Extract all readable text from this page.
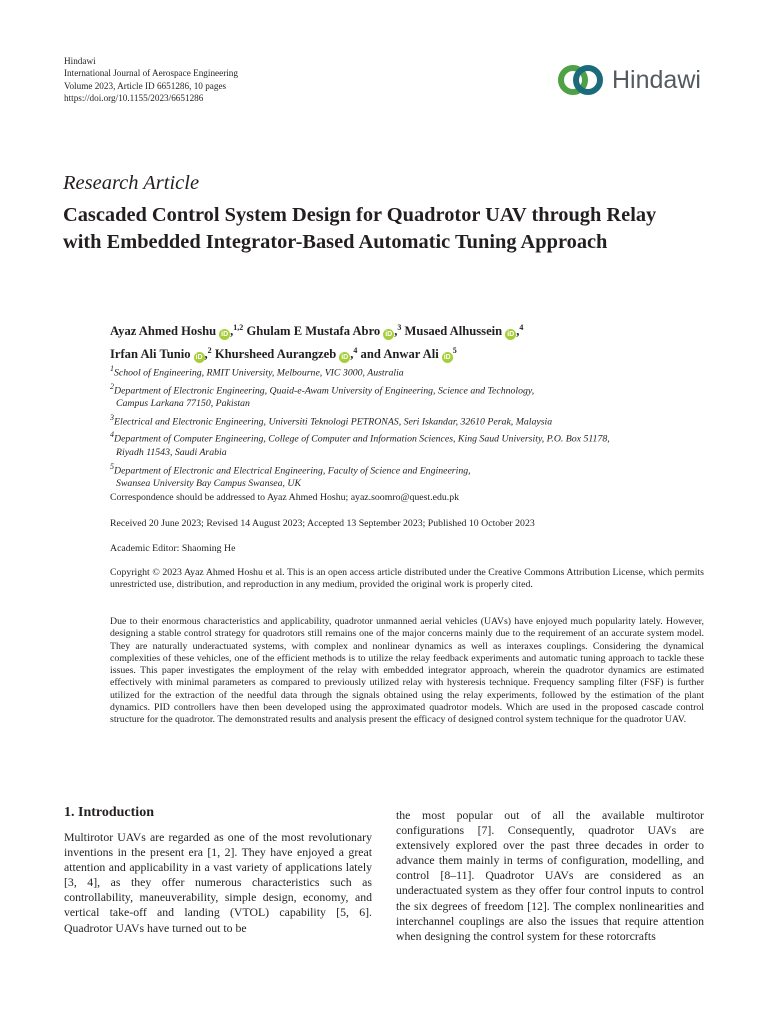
Hindawi
International Journal of Aerospace Engineering
Volume 2023, Article ID 6651286, 10 pages
https://doi.org/10.1155/2023/6651286
Hindawi
Research Article
Cascaded Control System Design for Quadrotor UAV through Relay with Embedded Integrator-Based Automatic Tuning Approach
Ayaz Ahmed Hoshu iD ,$^{1,2}$ Ghulam E Mustafa Abro iD ,$^3$ Musaed Alhussein iD ,$^4$
Irfan Ali Tunio iD ,$^2$ Khursheed Aurangzeb iD ,$^4$ and Anwar Ali $iD^5$
$^1$School of Engineering, RMIT University, Melbourne, VIC 3000, Australia
$^2$Department of Electronic Engineering, Quaid-e-Awam University of Engineering, Science and Technology,
Campus Larkana 77150, Pakistan
$^3$Electrical and Electronic Engineering, Universiti Teknologi PETRONAS, Seri Iskandar, 32610 Perak, Malaysia
$^4$Department of Computer Engineering, College of Computer and Information Sciences, King Saud University, P.O. Box 51178,
Riyadh 11543, Saudi Arabia
$^5$Department of Electronic and Electrical Engineering, Faculty of Science and Engineering,
Swansea University Bay Campus Swansea, UK
Correspondence should be addressed to Ayaz Ahmed Hoshu; ayaz.soomro@quest.edu.pk
Received 20 June 2023; Revised 14 August 2023; Accepted 13 September 2023; Published 10 October 2023
Academic Editor: Shaoming He
Copyright © 2023 Ayaz Ahmed Hoshu et al. This is an open access article distributed under the Creative Commons Attribution License, which permits unrestricted use, distribution, and reproduction in any medium, provided the original work is properly cited.
Due to their enormous characteristics and applicability, quadrotor unmanned aerial vehicles (UAVs) have enjoyed much popularity lately. However, designing a stable control strategy for quadrotors still remains one of the major concerns mainly due to the requirement of an accurate system model. They are naturally underactuated systems, with complex and nonlinear dynamics as well as interaxes couplings. Considering the dynamical complexities of these vehicles, one of the efficient methods is to utilize the relay feedback experiments and automatic tuning approach to tackle these issues. This paper investigates the employment of the relay with embedded integrator approach, wherein the quadrotor dynamics are estimated effectively with minimal parameters as compared to previously utilized relay with hysteresis technique. Frequency sampling filter (FSF) is further utilized for the extraction of the needful data through the signals obtained using the relay experiments, followed by the estimation of the plant dynamics. PID controllers have then been developed using the approximated quadrotor models. Which are used in the proposed cascade control structure for the quadrotor. The demonstrated results and analysis present the efficacy of designed control system technique for the quadrotor UAV.
1. Introduction
Multirotor UAVs are regarded as one of the most revolutionary inventions in the present era [1, 2]. They have enjoyed a great attention and applicability in a vast variety of applications lately [3, 4], as they offer numerous characteristics such as controllability, maneuverability, simple design, economy, and vertical take-off and landing (VTOL) capability [5, 6]. Quadrotor UAVs have turned out to be
the most popular out of all the available multirotor configurations [7]. Consequently, quadrotor UAVs are extensively explored over the past three decades in order to advance them mainly in terms of configuration, modelling, and control [8–11]. Quadrotor UAVs are considered as an underactuated system as they offer four control inputs to control the six degrees of freedom [12]. The complex nonlinearities and interchannel couplings are also the issues that require attention when designing the control system for these rotorcrafts
